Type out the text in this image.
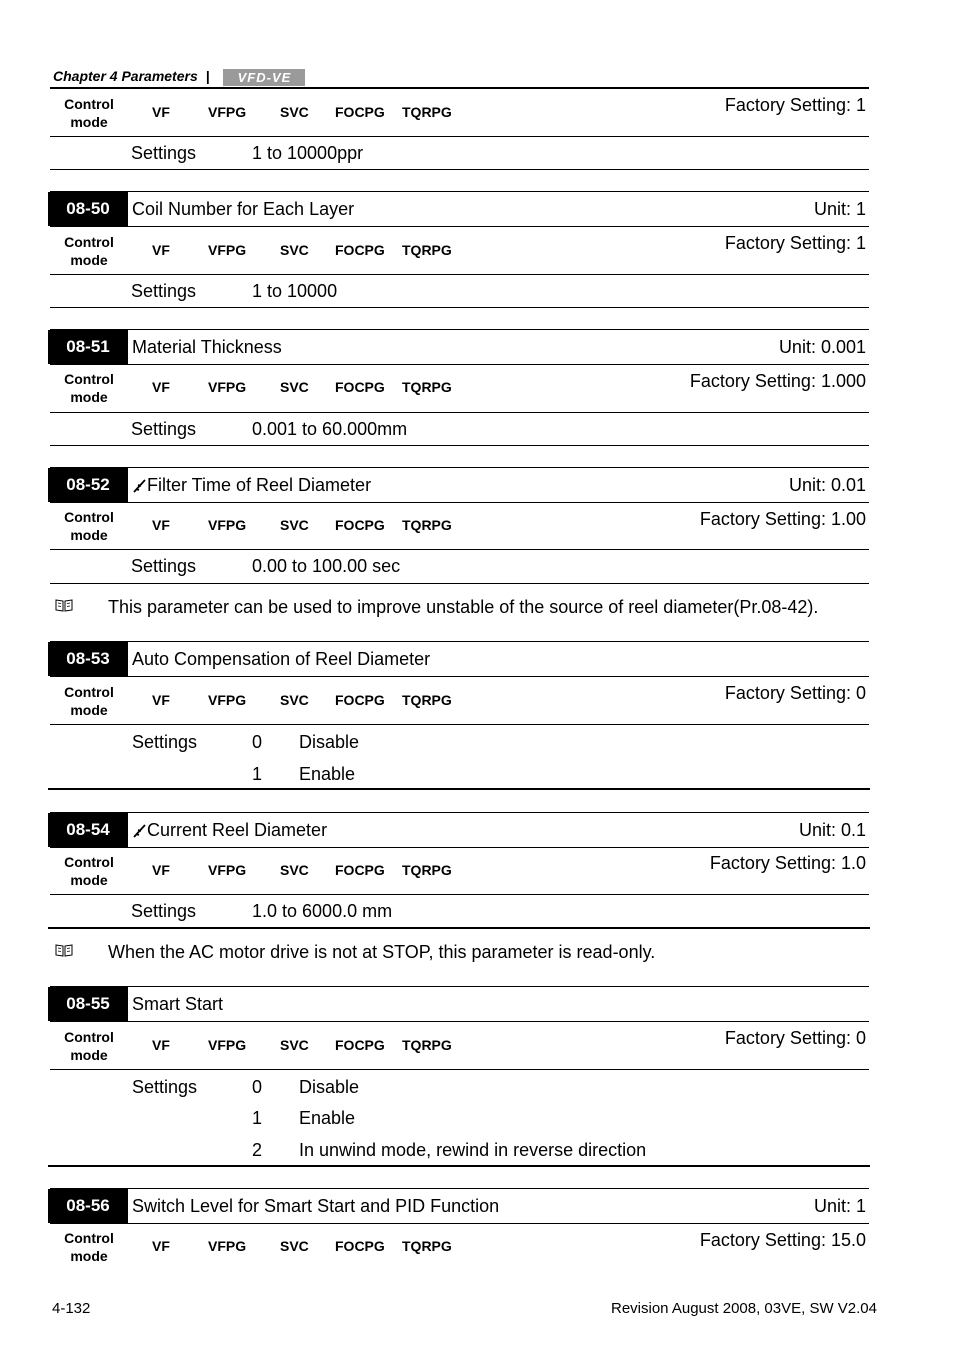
Chapter 4 Parameters | VFD-VE
Control
mode
VF	VFPG SVC FOCPG TQRPG	Factory Setting: 1
Settings	1 to 10000ppr
08-50	Coil Number for Each Layer	Unit: 1
Control
mode
VF	VFPG SVC FOCPG TQRPG	Factory Setting: 1
Settings	1 to 10000
08-51	Material Thickness	Unit: 0.001
Control
mode
VF	VFPG SVC FOCPG TQRPG	Factory Setting: 1.000
Settings	0.001 to 60.000mm
08-52	Filter Time of Reel Diameter	Unit: 0.01
Control
mode
VF	VFPG SVC FOCPG TQRPG	Factory Setting: 1.00
Settings	0.00 to 100.00 sec
This parameter can be used to improve unstable of the source of reel diameter(Pr.08-42).
08-53	Auto Compensation of Reel Diameter
Control
mode
VF	VFPG SVC FOCPG TQRPG	Factory Setting: 0
Settings	0 Disable
1 Enable
08-54	Current Reel Diameter	Unit: 0.1
Control
mode
VF	VFPG SVC FOCPG TQRPG	Factory Setting: 1.0
Settings	1.0 to 6000.0 mm
When the AC motor drive is not at STOP, this parameter is read-only.
08-55	Smart Start
Control
mode
VF	VFPG SVC FOCPG TQRPG	Factory Setting: 0
Settings	0 Disable
1 Enable
2 In unwind mode, rewind in reverse direction
08-56	Switch Level for Smart Start and PID Function	Unit: 1
Control
mode
VF	VFPG SVC FOCPG TQRPG	Factory Setting: 15.0
4-132	Revision August 2008, 03VE, SW V2.04
